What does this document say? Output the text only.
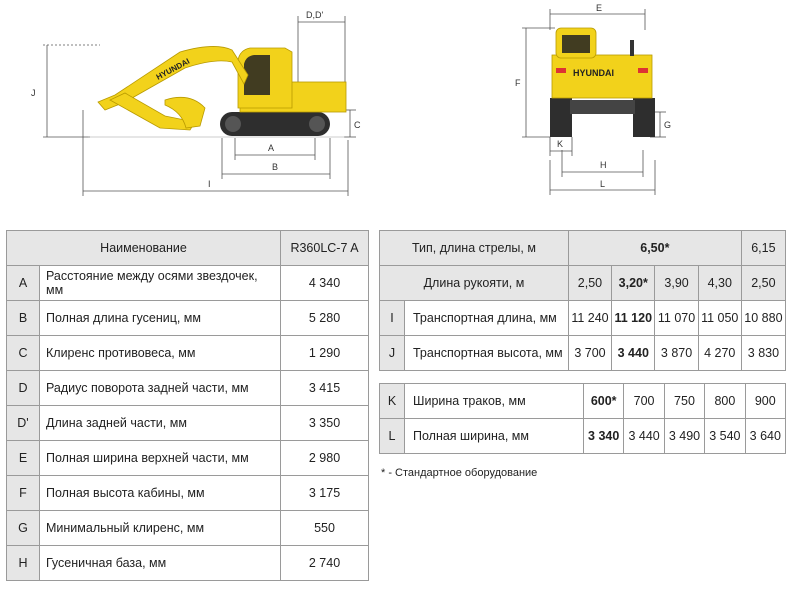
HYUNDAI
J
D,D'
C
A
B
I
HYUNDAI
E
F
G
K
H
L
Наименование		R360LC-7 A
A	Расстояние между осями звездочек, мм	4 340
B	Полная длина гусениц, мм	5 280
C	Клиренс противовеса, мм	1 290
D	Радиус поворота задней части, мм	3 415
D'	Длина задней части, мм	3 350
E	Полная ширина верхней части, мм	2 980
F	Полная высота кабины, мм	3 175
G	Минимальный клиренс, мм	550
H	Гусеничная база, мм	2 740
Тип, длина стрелы, м		6,50*				6,15
Длина рукояти, м		2,50	3,20*	3,90	4,30	2,50
I	Транспортная длина, мм	11 240	11 120	11 070	11 050	10 880
J	Транспортная высота, мм	3 700	3 440	3 870	4 270	3 830
K	Ширина траков, мм	600*	700	750	800	900
L	Полная ширина, мм	3 340	3 440	3 490	3 540	3 640
* - Стандартное оборудование
